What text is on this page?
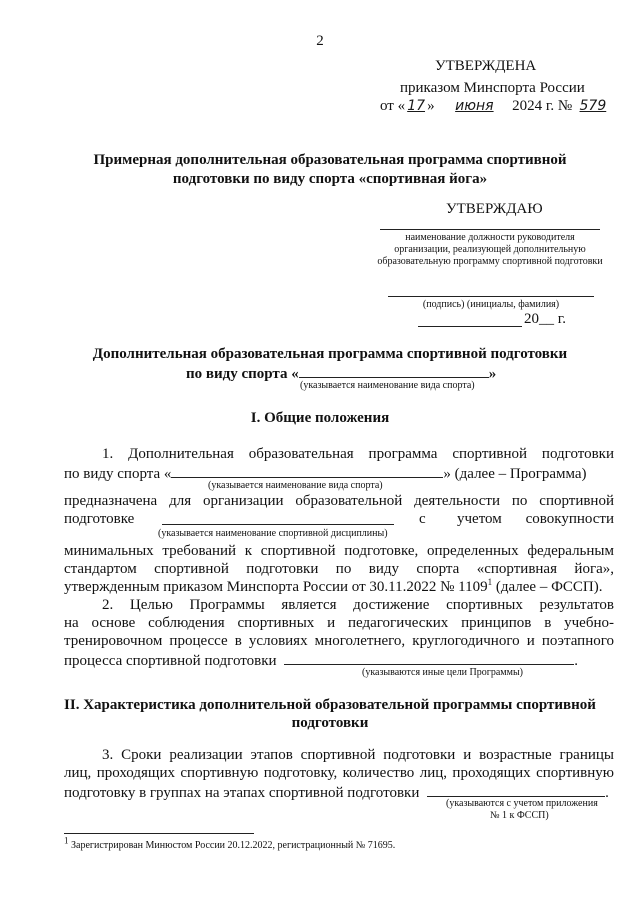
2
УТВЕРЖДЕНА
приказом Минспорта России
от « 17 » июня 2024 г. № 579
Примерная дополнительная образовательная программа спортивной
подготовки по виду спорта «спортивная йога»
УТВЕРЖДАЮ
наименование должности руководителя
организации, реализующей дополнительную
образовательную программу спортивной подготовки
(подпись) (инициалы, фамилия)
20__ г.
Дополнительная образовательная программа спортивной подготовки
по виду спорта «	»
(указывается наименование вида спорта)
I. Общие положения
1. Дополнительная образовательная программа спортивной подготовки
по виду спорта «	» (далее – Программа)
(указывается наименование вида спорта)
предназначена для организации образовательной деятельности по спортивной
подготовке	с учетом совокупности
(указывается наименование спортивной дисциплины)
минимальных требований к спортивной подготовке, определенных федеральным
стандартом спортивной подготовки по виду спорта «спортивная йога»,
утвержденным приказом Минспорта России от 30.11.2022 № 1109$^1$ (далее – ФССП).
2. Целью Программы является достижение спортивных результатов
на основе соблюдения спортивных и педагогических принципов в учебно-
тренировочном процессе в условиях многолетнего, круглогодичного и поэтапного
процесса спортивной подготовки	.
(указываются иные цели Программы)
II. Характеристика дополнительной образовательной программы спортивной
подготовки
3. Сроки реализации этапов спортивной подготовки и возрастные границы
лиц, проходящих спортивную подготовку, количество лиц, проходящих спортивную
подготовку в группах на этапах спортивной подготовки	.
(указываются с учетом приложения
№ 1 к ФССП)
1 Зарегистрирован Минюстом России 20.12.2022, регистрационный № 71695.
